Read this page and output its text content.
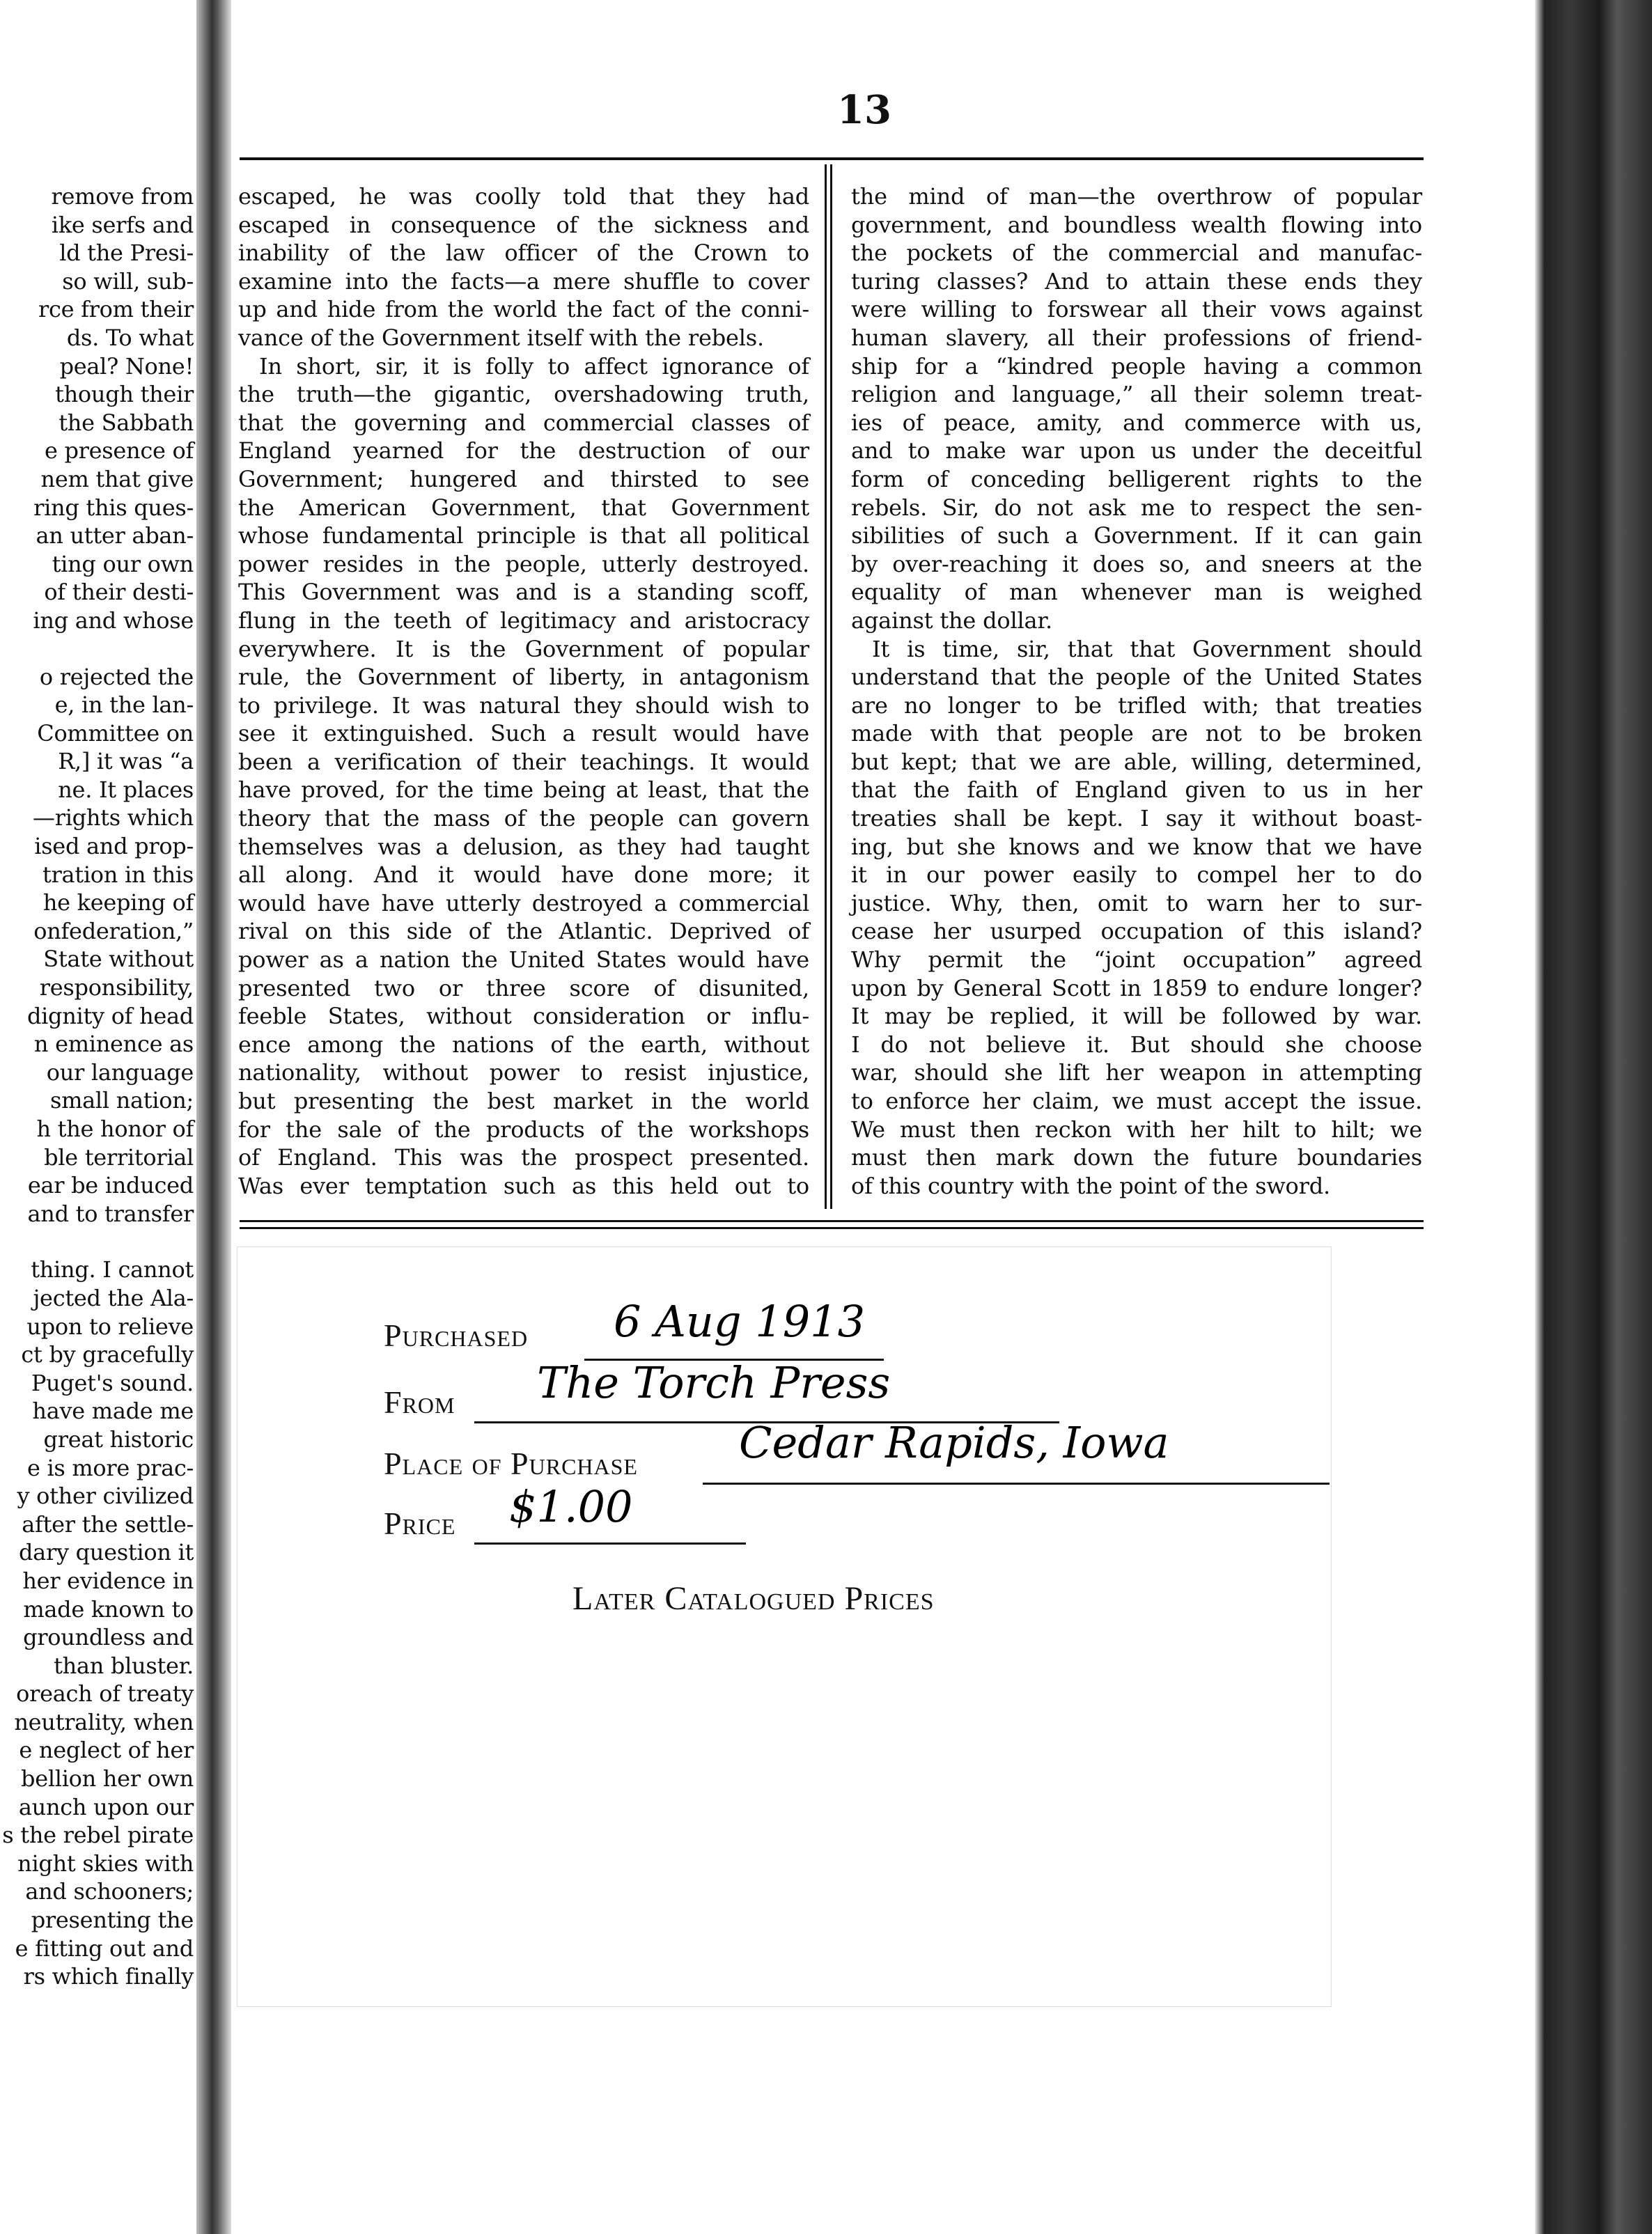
remove from
ike serfs and
ld the Presi-
so will, sub-
rce from their
ds. To what
peal? None!
though their
the Sabbath
e presence of
nem that give
ring this ques-
an utter aban-
ting our own
of their desti-
ing and whose
o rejected the
e, in the lan-
Committee on
R,] it was “a
ne. It places
—rights which
ised and prop-
tration in this
he keeping of
onfederation,”
State without
responsibility,
dignity of head
n eminence as
our language
small nation;
h the honor of
ble territorial
ear be induced
and to transfer
thing. I cannot
jected the Ala-
upon to relieve
ct by gracefully
Puget's sound.
have made me
great historic
e is more prac-
y other civilized
after the settle-
dary question it
her evidence in
made known to
groundless and
than bluster.
oreach of treaty
neutrality, when
e neglect of her
bellion her own
aunch upon our
s the rebel pirate
night skies with
and schooners;
presenting the
e fitting out and
rs which finally
13
escaped, he was coolly told that they had
escaped in consequence of the sickness and
inability of the law officer of the Crown to
examine into the facts—a mere shuffle to cover
up and hide from the world the fact of the conni-
vance of the Government itself with the rebels.
In short, sir, it is folly to affect ignorance of
the truth—the gigantic, overshadowing truth,
that the governing and commercial classes of
England yearned for the destruction of our
Government; hungered and thirsted to see
the American Government, that Government
whose fundamental principle is that all political
power resides in the people, utterly destroyed.
This Government was and is a standing scoff,
flung in the teeth of legitimacy and aristocracy
everywhere. It is the Government of popular
rule, the Government of liberty, in antagonism
to privilege. It was natural they should wish to
see it extinguished. Such a result would have
been a verification of their teachings. It would
have proved, for the time being at least, that the
theory that the mass of the people can govern
themselves was a delusion, as they had taught
all along. And it would have done more; it
would have have utterly destroyed a commercial
rival on this side of the Atlantic. Deprived of
power as a nation the United States would have
presented two or three score of disunited,
feeble States, without consideration or influ-
ence among the nations of the earth, without
nationality, without power to resist injustice,
but presenting the best market in the world
for the sale of the products of the workshops
of England. This was the prospect presented.
Was ever temptation such as this held out to
the mind of man—the overthrow of popular
government, and boundless wealth flowing into
the pockets of the commercial and manufac-
turing classes? And to attain these ends they
were willing to forswear all their vows against
human slavery, all their professions of friend-
ship for a “kindred people having a common
religion and language,” all their solemn treat-
ies of peace, amity, and commerce with us,
and to make war upon us under the deceitful
form of conceding belligerent rights to the
rebels. Sir, do not ask me to respect the sen-
sibilities of such a Government. If it can gain
by over-reaching it does so, and sneers at the
equality of man whenever man is weighed
against the dollar.
It is time, sir, that that Government should
understand that the people of the United States
are no longer to be trifled with; that treaties
made with that people are not to be broken
but kept; that we are able, willing, determined,
that the faith of England given to us in her
treaties shall be kept. I say it without boast-
ing, but she knows and we know that we have
it in our power easily to compel her to do
justice. Why, then, omit to warn her to sur-
cease her usurped occupation of this island?
Why permit the “joint occupation” agreed
upon by General Scott in 1859 to endure longer?
It may be replied, it will be followed by war.
I do not believe it. But should she choose
war, should she lift her weapon in attempting
to enforce her claim, we must accept the issue.
We must then reckon with her hilt to hilt; we
must then mark down the future boundaries
of this country with the point of the sword.
Purchased 6 Aug 1913
From The Torch Press
Place of Purchase Cedar Rapids, Iowa
Price $1.00
Later Catalogued Prices
